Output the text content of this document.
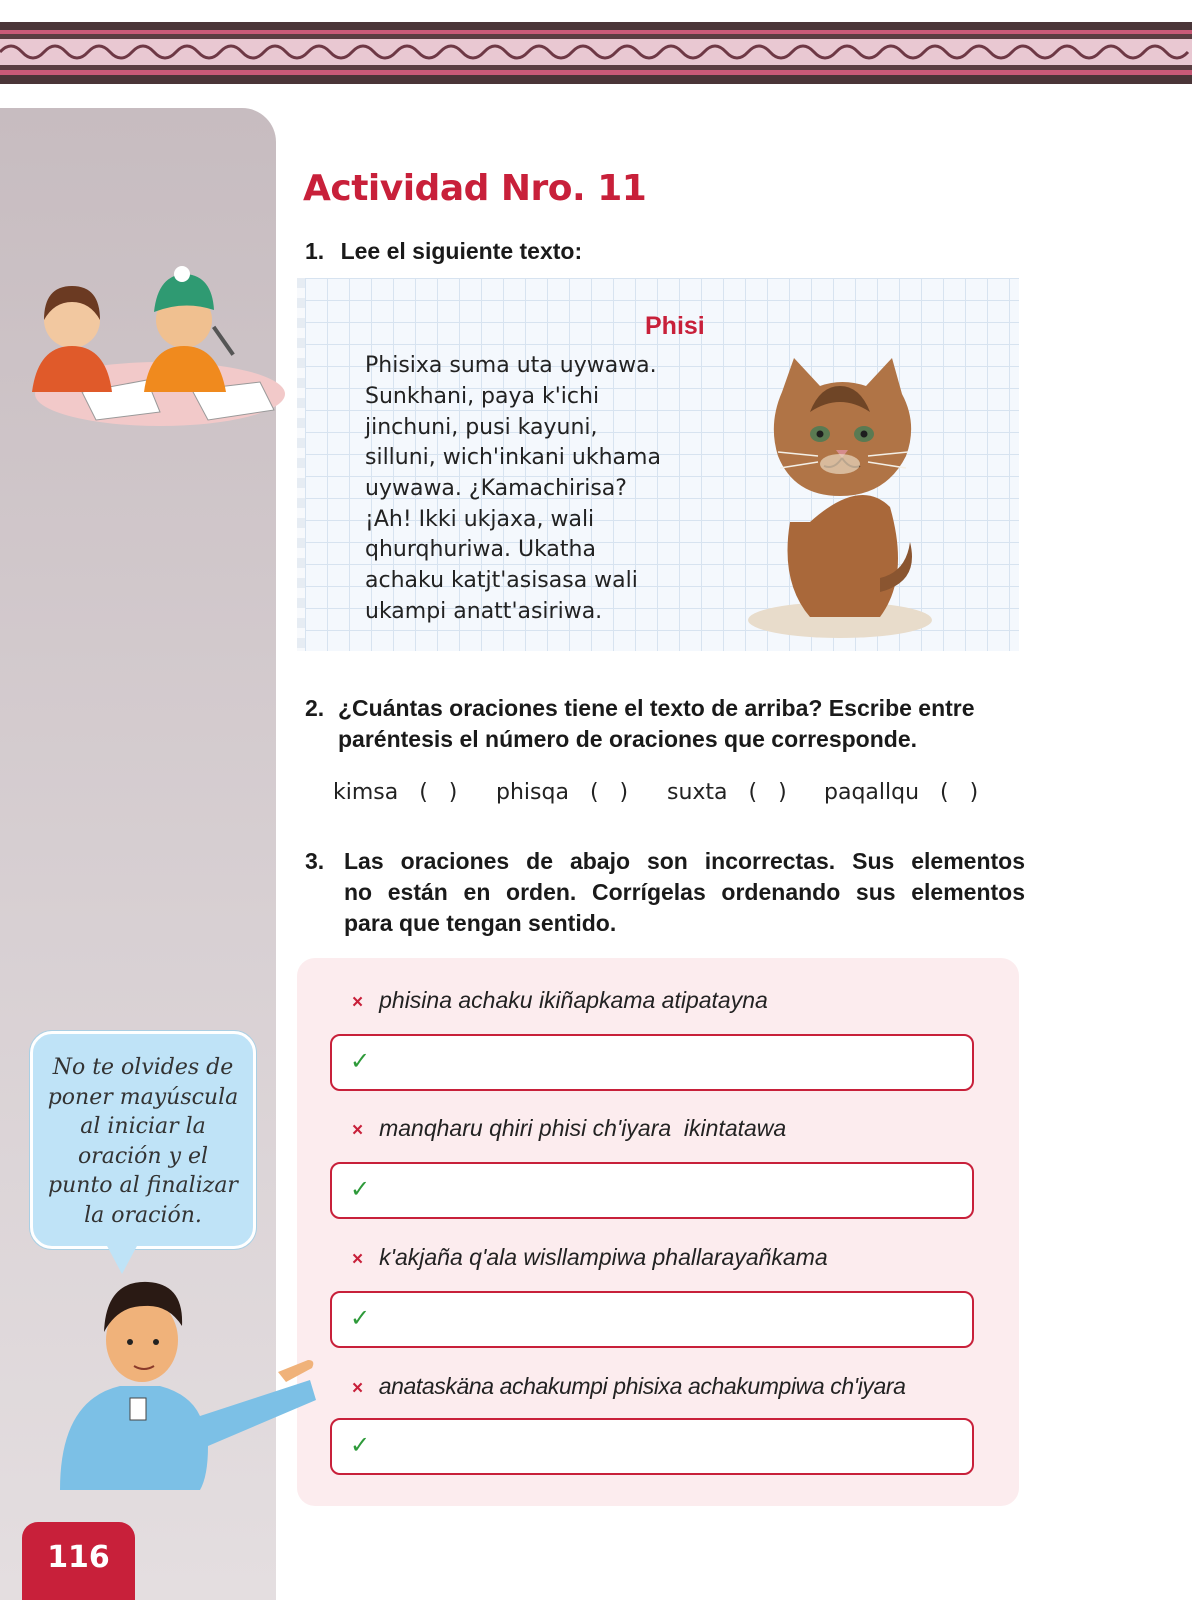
Actividad Nro. 11
1. Lee el siguiente texto:
Phisi
Phisixa suma uta uywawa.
Sunkhani, paya k'ichi
jinchuni, pusi kayuni,
silluni, wich'inkani ukhama
uywawa. ¿Kamachirisa?
¡Ah! Ikki ukjaxa, wali
qhurqhuriwa. Ukatha
achaku katjt'asisasa wali
ukampi anatt'asiriwa.
2. ¿Cuántas oraciones tiene el texto de arriba? Escribe entre
paréntesis el número de oraciones que corresponde.
kimsa (   ) phisqa (   ) suxta (   ) paqallqu (   )
3. Las oraciones de abajo son incorrectas. Sus elementos
no están en orden. Corrígelas ordenando sus elementos
para que tengan sentido.
× phisina achaku ikiñapkama atipatayna
✓
× manqharu qhiri phisi ch'iyara  ikintatawa
✓
× k'akjaña q'ala wisllampiwa phallarayañkama
✓
× anataskäna achakumpi phisixa achakumpiwa ch'iyara
✓
No te olvides de
poner mayúscula
al iniciar la
oración y el
punto al finalizar
la oración.
116
